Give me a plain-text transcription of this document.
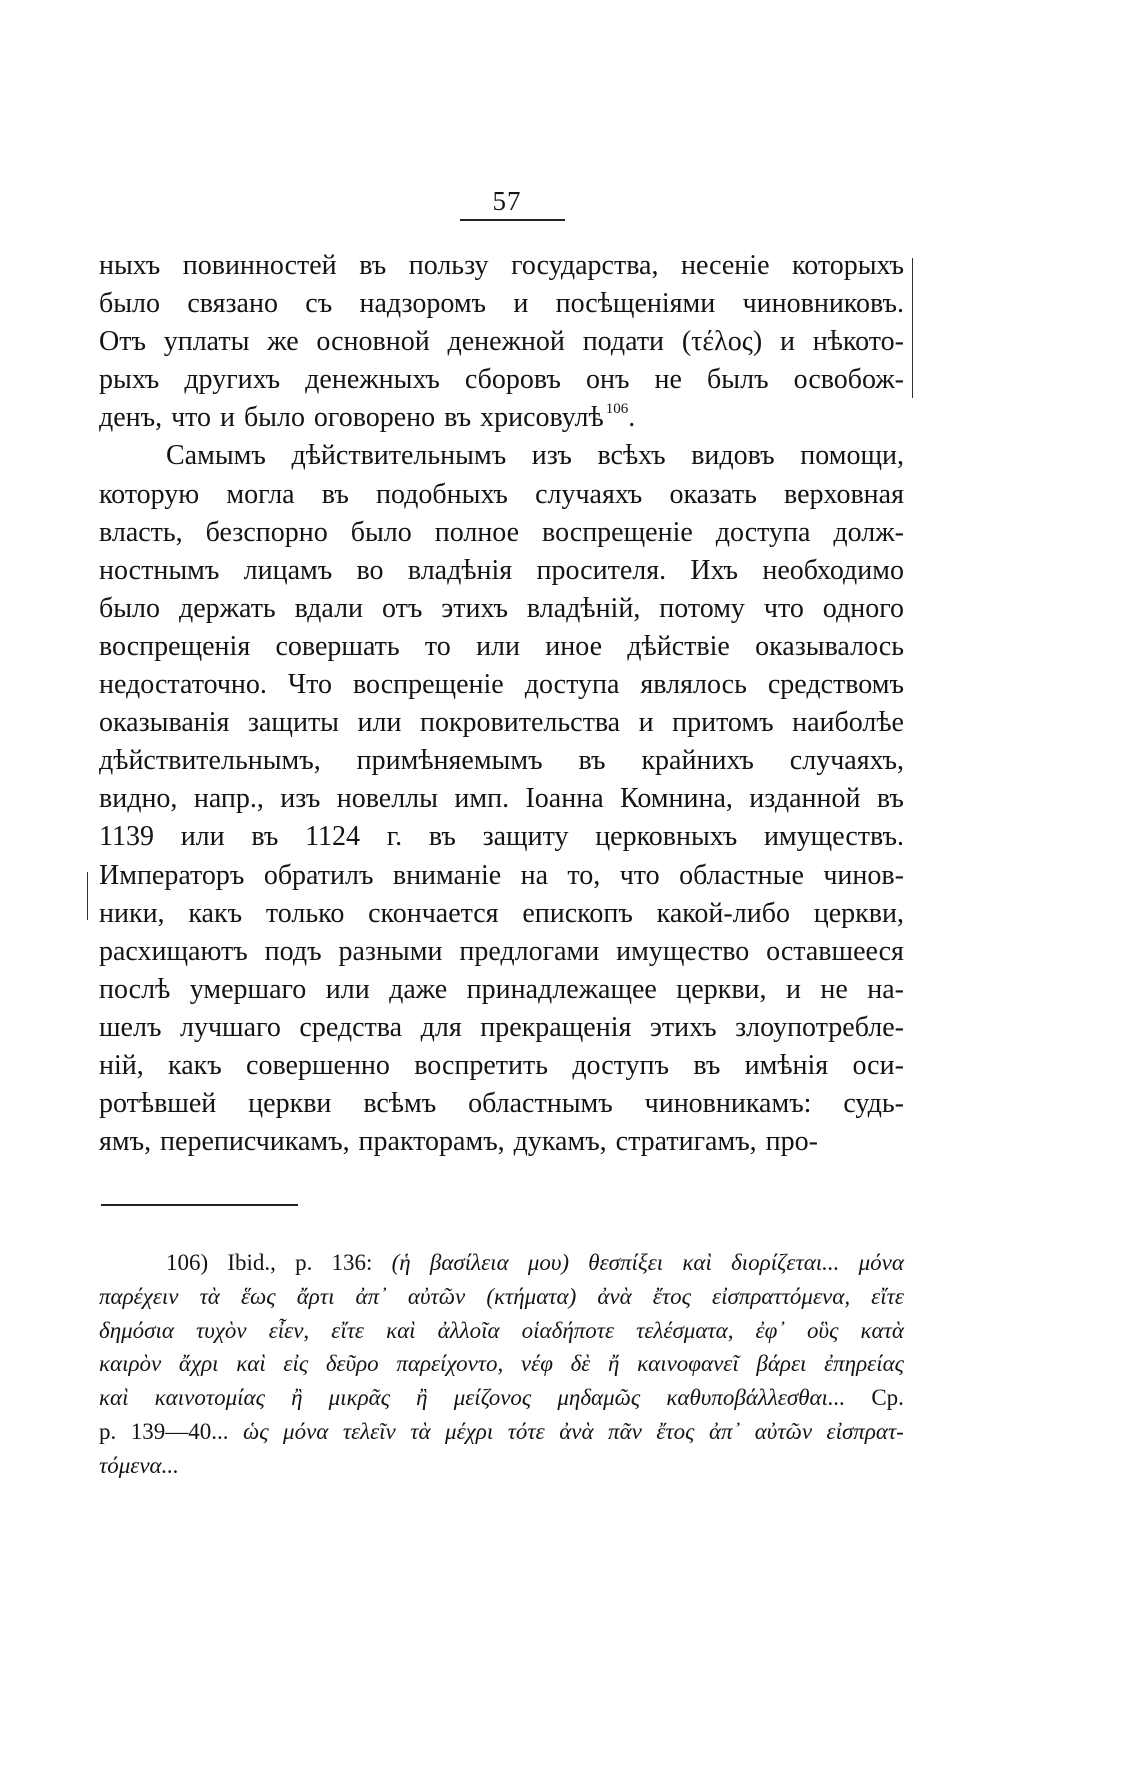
57
ныхъ повинностей въ пользу государства, несеніе которыхъ
было связано съ надзоромъ и посѣщеніями чиновниковъ.
Отъ уплаты же основной денежной подати (τέλος) и нѣкото-
рыхъ другихъ денежныхъ сборовъ онъ не былъ освобож-
денъ, что и было оговорено въ хрисовулѣ $^{106}$.
Самымъ дѣйствительнымъ изъ всѣхъ видовъ помощи,
которую могла въ подобныхъ случаяхъ оказать верховная
власть, безспорно было полное воспрещеніе доступа долж-
ностнымъ лицамъ во владѣнія просителя. Ихъ необходимо
было держать вдали отъ этихъ владѣній, потому что одного
воспрещенія совершать то или иное дѣйствіе оказывалось
недостаточно. Что воспрещеніе доступа являлось средствомъ
оказыванія защиты или покровительства и притомъ наиболѣе
дѣйствительнымъ, примѣняемымъ въ крайнихъ случаяхъ,
видно, напр., изъ новеллы имп. Іоанна Комнина, изданной въ
1139 или въ 1124 г. въ защиту церковныхъ имуществъ.
Императоръ обратилъ вниманіе на то, что областные чинов-
ники, какъ только скончается епископъ какой-либо церкви,
расхищаютъ подъ разными предлогами имущество оставшееся
послѣ умершаго или даже принадлежащее церкви, и не на-
шелъ лучшаго средства для прекращенія этихъ злоупотребле-
ній, какъ совершенно воспретить доступъ въ имѣнія оси-
ротѣвшей церкви всѣмъ областнымъ чиновникамъ: судь-
ямъ, переписчикамъ, практорамъ, дукамъ, стратигамъ, про-
106) Ibid., p. 136: (ἡ βασίλεια μου) θεσπίξει καὶ διορίζεται... μόνα
παρέχειν τὰ ἕως ἄρτι ἀπ᾽ αὐτῶν (κτήματα) ἀνὰ ἔτος εἰσπραττόμενα, εἴτε
δημόσια τυχὸν εἶεν, εἴτε καὶ ἀλλοῖα οἱαδήποτε τελέσματα, ἐφ᾽ οὓς κατὰ
καιρὸν ἄχρι καὶ εἰς δεῦρο παρείχοντο, νέφ δὲ ἤ καινοφανεῖ βάρει ἐπηρείας
καὶ καινοτομίας ἢ μικρᾶς ἢ μείζονος μηδαμῶς καθυποβάλλεσθαι... Cp.
p. 139—40... ὡς μόνα τελεῖν τὰ μέχρι τότε ἀνὰ πᾶν ἔτος ἀπ᾽ αὐτῶν εἰσπρατ-
τόμενα...
